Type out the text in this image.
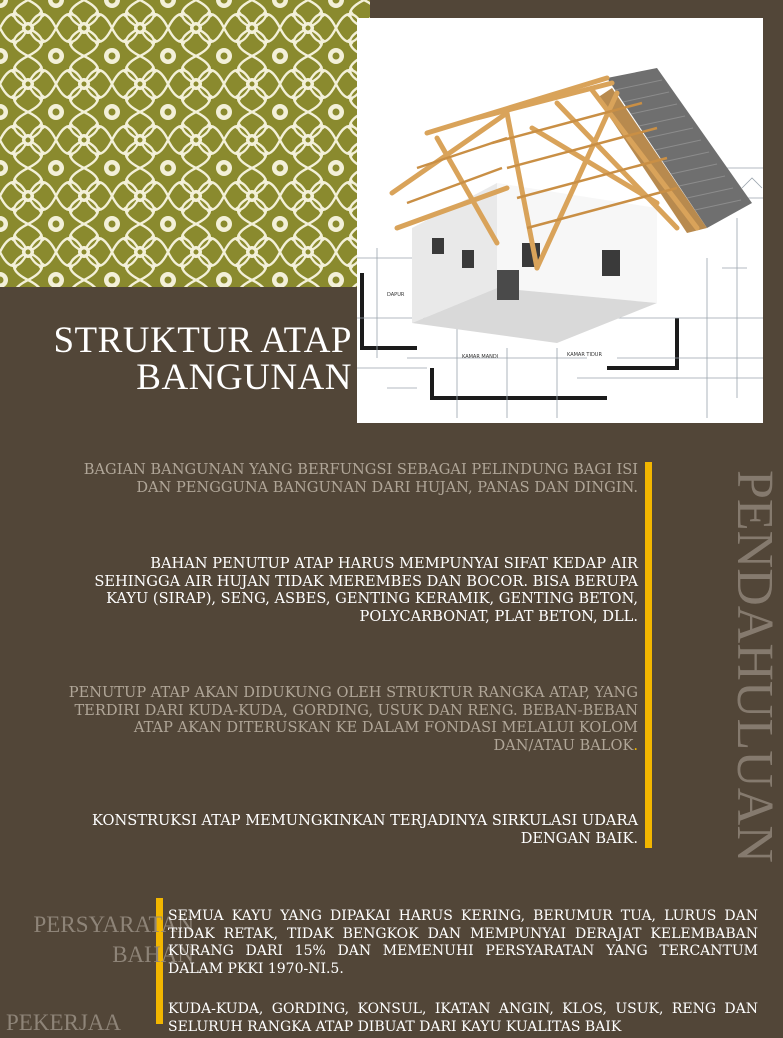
DAPUR
KAMAR MANDI	KAMAR TIDUR
STRUKTUR ATAP
BANGUNAN
PENDAHULUAN
BAGIAN BANGUNAN YANG BERFUNGSI SEBAGAI PELINDUNG BAGI ISI DAN PENGGUNA BANGUNAN DARI HUJAN, PANAS DAN DINGIN.
BAHAN PENUTUP ATAP HARUS MEMPUNYAI SIFAT KEDAP AIR SEHINGGA AIR HUJAN TIDAK MEREMBES DAN BOCOR. BISA BERUPA KAYU (SIRAP), SENG, ASBES, GENTING KERAMIK, GENTING BETON, POLYCARBONAT, PLAT BETON, DLL.
PENUTUP ATAP AKAN DIDUKUNG OLEH STRUKTUR RANGKA ATAP, YANG TERDIRI DARI KUDA-KUDA, GORDING, USUK DAN RENG. BEBAN-BEBAN ATAP AKAN DITERUSKAN KE DALAM FONDASI MELALUI KOLOM DAN/ATAU BALOK.
KONSTRUKSI ATAP MEMUNGKINKAN TERJADINYA SIRKULASI UDARA DENGAN BAIK.
PERSYARATAN BAHAN
PEKERJAA
SEMUA KAYU YANG DIPAKAI HARUS KERING, BERUMUR TUA, LURUS DAN TIDAK RETAK, TIDAK BENGKOK DAN MEMPUNYAI DERAJAT KELEMBABAN KURANG DARI 15% DAN MEMENUHI PERSYARATAN YANG TERCANTUM DALAM PKKI 1970-NI.5.
KUDA-KUDA, GORDING, KONSUL, IKATAN ANGIN, KLOS, USUK, RENG DAN SELURUH RANGKA ATAP DIBUAT DARI KAYU KUALITAS BAIK
